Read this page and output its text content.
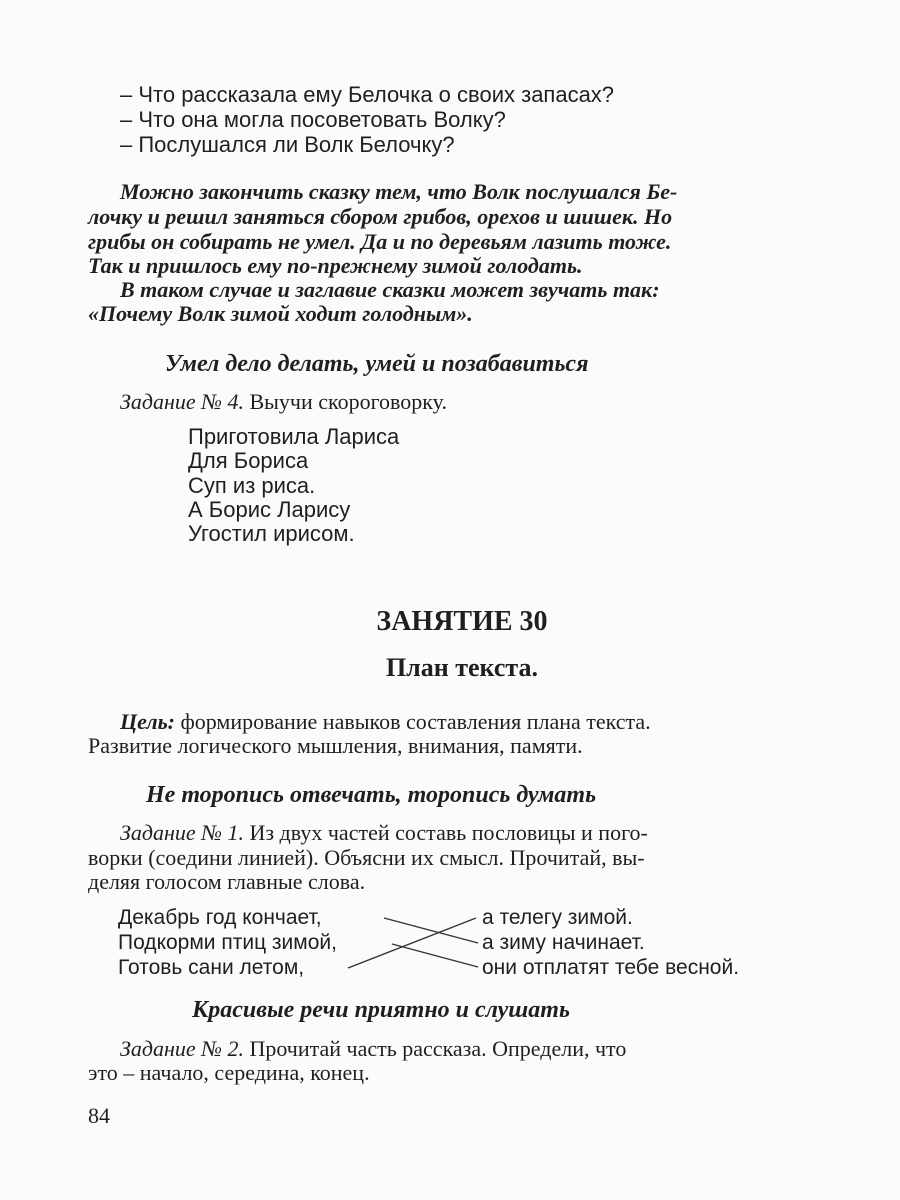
– Что рассказала ему Белочка о своих запасах?
– Что она могла посоветовать Волку?
– Послушался ли Волк Белочку?
Можно закончить сказку тем, что Волк послушался Бе-
лочку и решил заняться сбором грибов, орехов и шишек. Но
грибы он собирать не умел. Да и по деревьям лазить тоже.
Так и пришлось ему по-прежнему зимой голодать.
В таком случае и заглавие сказки может звучать так:
«Почему Волк зимой ходит голодным».
Умел дело делать, умей и позабавиться
Задание № 4. Выучи скороговорку.
Приготовила Лариса
Для Бориса
Суп из риса.
А Борис Ларису
Угостил ирисом.
ЗАНЯТИЕ 30
План текста.
Цель: формирование навыков составления плана текста.
Развитие логического мышления, внимания, памяти.
Не торопись отвечать, торопись думать
Задание № 1. Из двух частей составь пословицы и пого-
ворки (соедини линией). Объясни их смысл. Прочитай, вы-
деляя голосом главные слова.
Декабрь год кончает,
Подкорми птиц зимой,
Готовь сани летом,
а телегу зимой.
а зиму начинает.
они отплатят тебе весной.
Красивые речи приятно и слушать
Задание № 2. Прочитай часть рассказа. Определи, что
это – начало, середина, конец.
84
